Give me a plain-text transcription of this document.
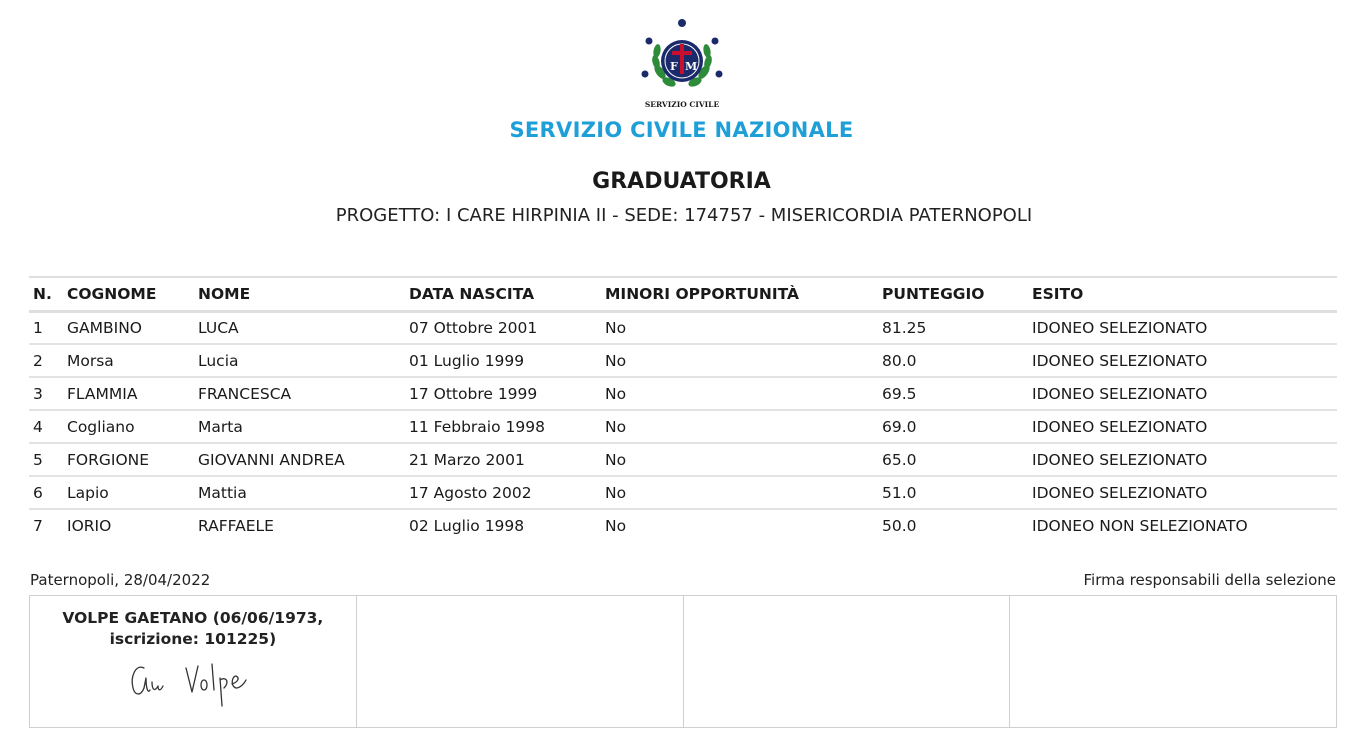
F M
SERVIZIO CIVILE
SERVIZIO CIVILE NAZIONALE
GRADUATORIA
PROGETTO: I CARE HIRPINIA II - SEDE: 174757 - MISERICORDIA PATERNOPOLI
N.	COGNOME	NOME	DATA NASCITA	MINORI OPPORTUNITÀ	PUNTEGGIO	ESITO
1	GAMBINO	LUCA	07 Ottobre 2001	No	81.25	IDONEO SELEZIONATO
2	Morsa	Lucia	01 Luglio 1999	No	80.0	IDONEO SELEZIONATO
3	FLAMMIA	FRANCESCA	17 Ottobre 1999	No	69.5	IDONEO SELEZIONATO
4	Cogliano	Marta	11 Febbraio 1998	No	69.0	IDONEO SELEZIONATO
5	FORGIONE	GIOVANNI ANDREA	21 Marzo 2001	No	65.0	IDONEO SELEZIONATO
6	Lapio	Mattia	17 Agosto 2002	No	51.0	IDONEO SELEZIONATO
7	IORIO	RAFFAELE	02 Luglio 1998	No	50.0	IDONEO NON SELEZIONATO
Paternopoli, 28/04/2022	Firma responsabili della selezione
VOLPE GAETANO (06/06/1973,
iscrizione: 101225)
